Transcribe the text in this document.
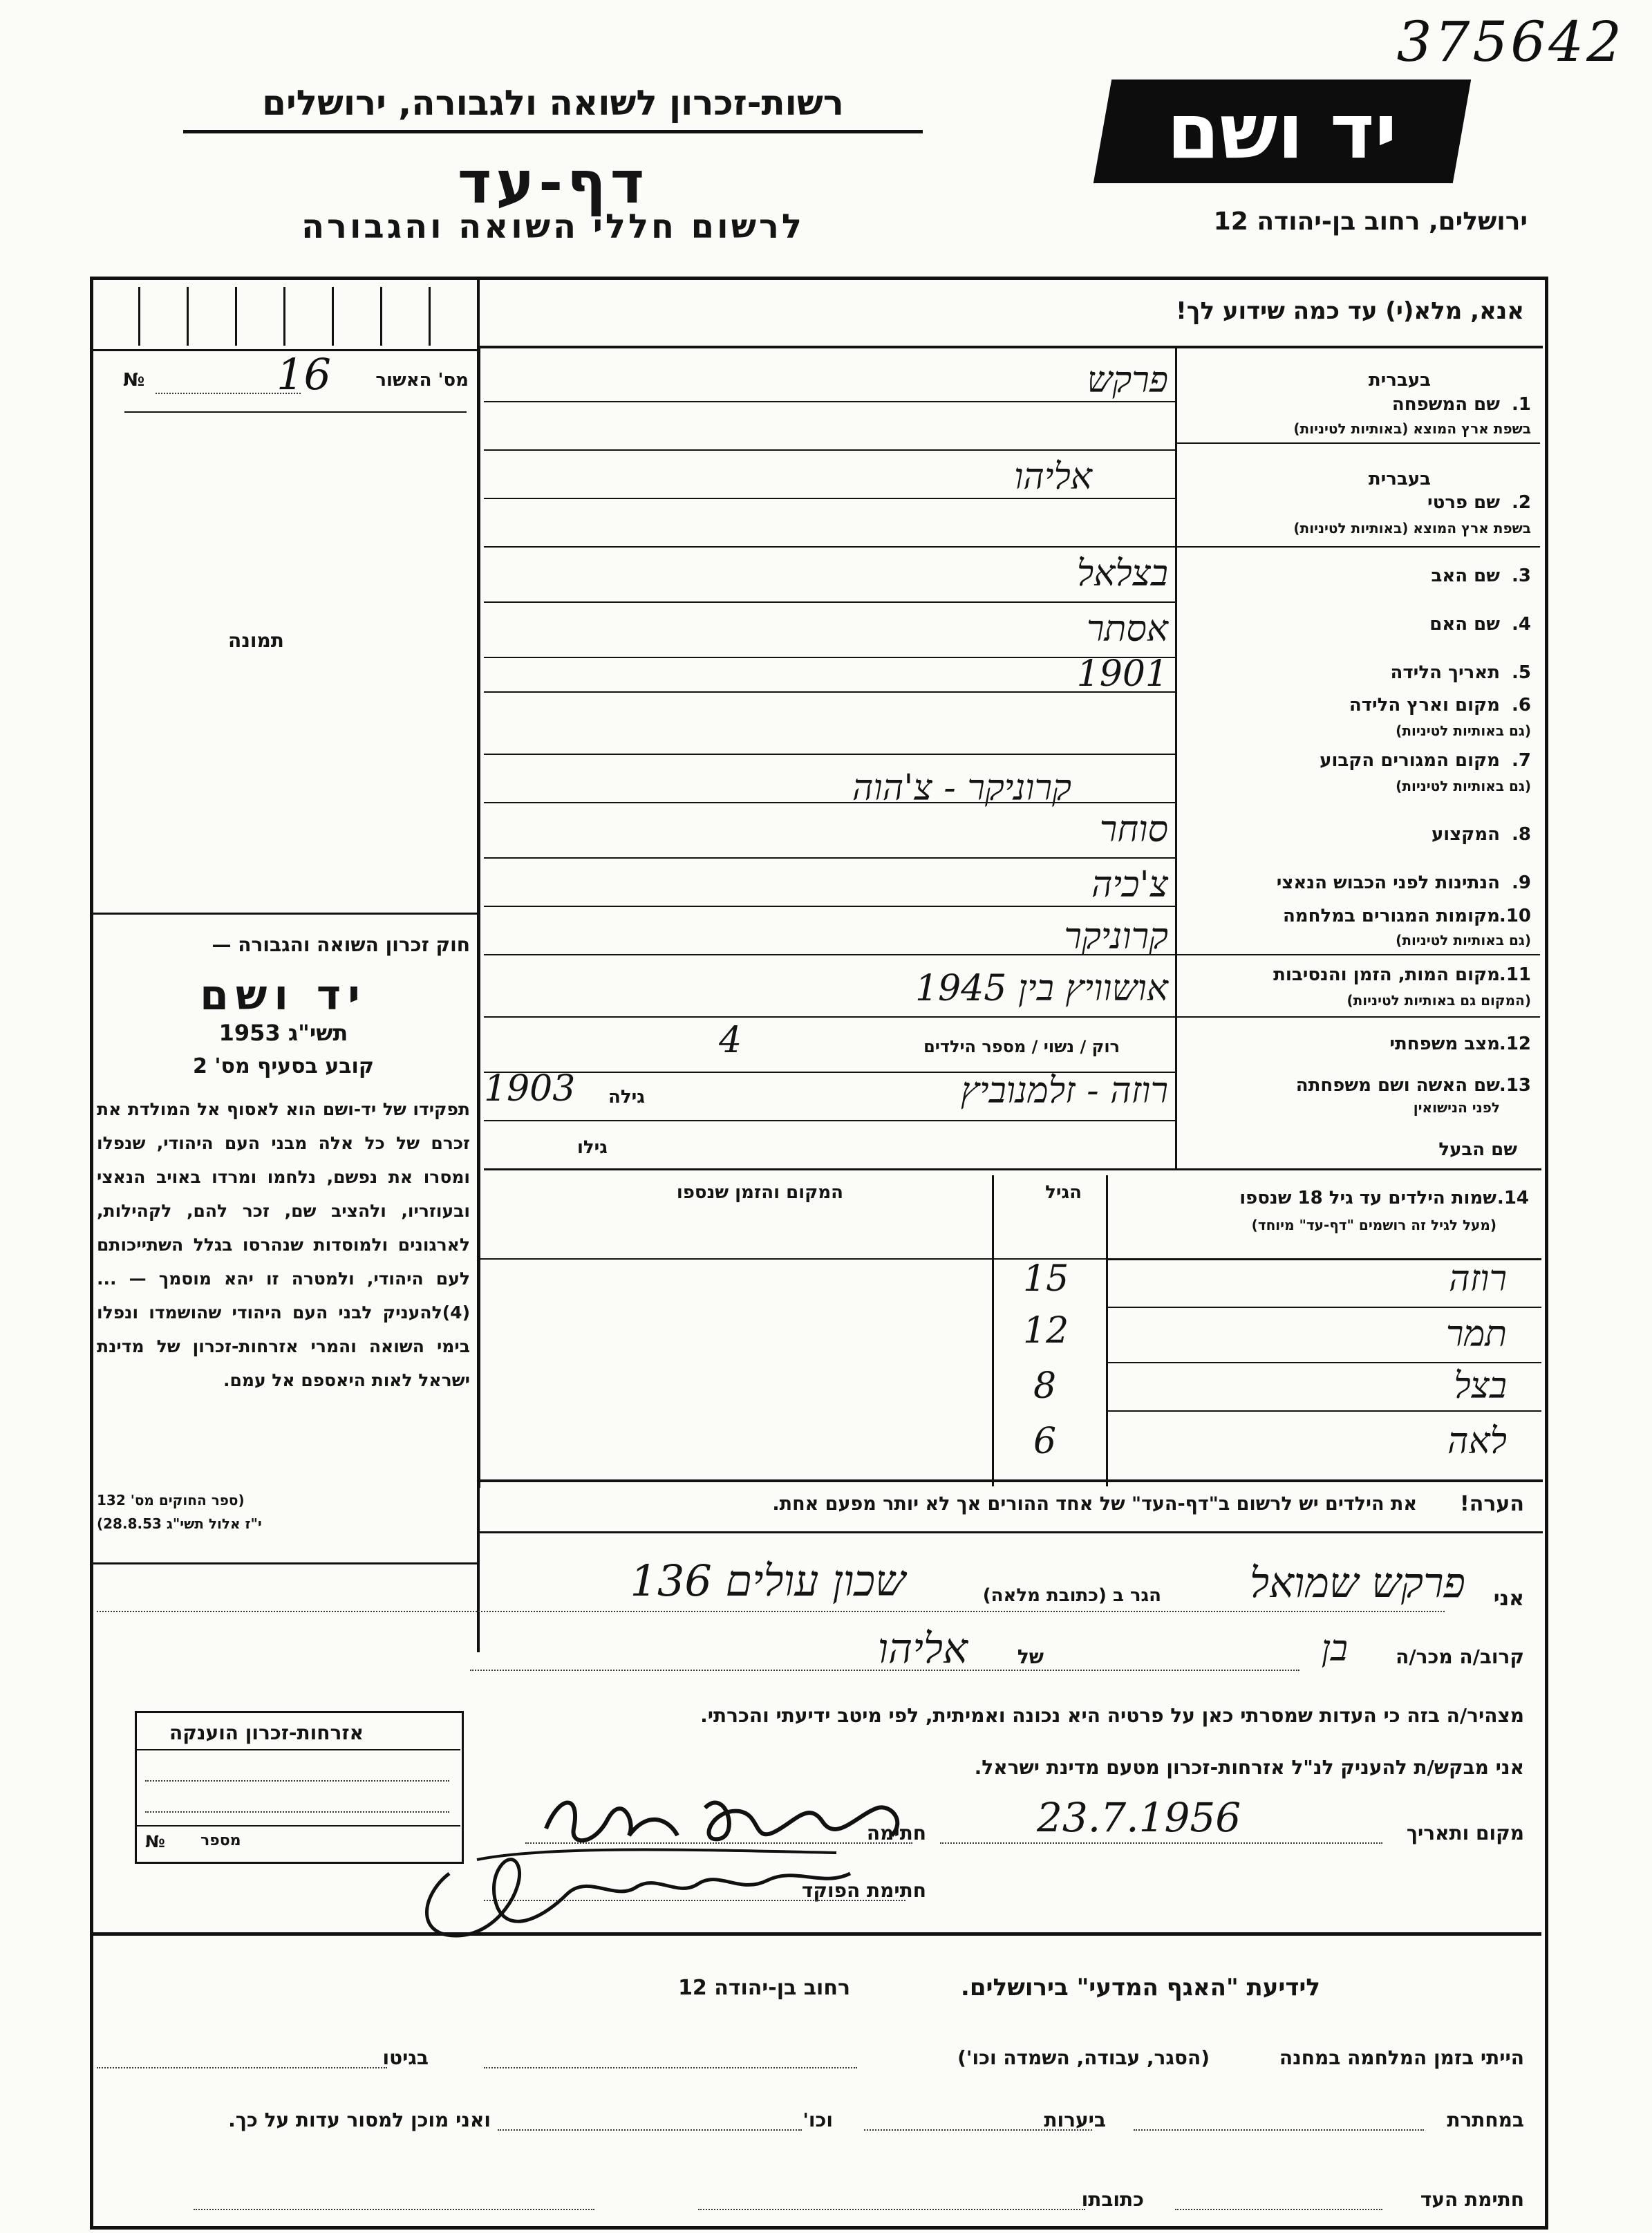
375642
רשות-זכרון לשואה ולגבורה, ירושלים
דף-עד
לרשום חללי השואה והגבורה
יד ושם
ירושלים, רחוב בן-יהודה 12
מס' האשור
№	16
תמונה
חוק זכרון השואה והגבורה —
יד ושם
תשי"ג 1953
קובע בסעיף מס' 2
תפקידו של יד-ושם הוא לאסוף אל המולדת את זכרם של כל אלה מבני העם היהודי, שנפלו ומסרו את נפשם, נלחמו ומרדו באויב הנאצי ובעוזריו, ולהציב שם, זכר להם, לקהילות, לארגונים ולמוסדות שנהרסו בגלל השתייכותם לעם היהודי, ולמטרה זו יהא מוסמך — ...(4)להעניק לבני העם היהודי שהושמדו ונפלו בימי השואה והמרי אזרחות-זכרון של מדינת ישראל לאות היאספם אל עמם.
(ספר החוקים מס' 132
י"ז אלול תשי"ג 28.8.53)
אנא, מלא(י) עד כמה שידוע לך!
בעברית
1.
שם המשפחה
בשפת ארץ המוצא (באותיות לטיניות)
פרקש
בעברית
2.
שם פרטי
בשפת ארץ המוצא (באותיות לטיניות)
אליהו
3.
שם האב
בצלאל
4.
שם האם
אסתר
5.
תאריך הלידה
1901
6.
מקום וארץ הלידה
(גם באותיות לטיניות)
7.
מקום המגורים הקבוע
(גם באותיות לטיניות)
קרוניקר - צ'הוה
8.
המקצוע
סוחר
9.
הנתינות לפני הכבוש הנאצי
צ'כיה
10.
מקומות המגורים במלחמה
(גם באותיות לטיניות)
קרוניקר
11.
מקום המות, הזמן והנסיבות
(המקום גם באותיות לטיניות)
אושוויץ בין 1945
12.
מצב משפחתי
רוק / נשוי / מספר הילדים
4
13.
שם האשה ושם משפחתה
לפני הנישואין
גילה
1903	רוזה - זלמנוביץ
שם הבעל
גילו
14.
שמות הילדים עד גיל 18 שנספו
(מעל לגיל זה רושמים "דף-עד" מיוחד)
הגיל
המקום והזמן שנספו
רוזה
15
תמר
12
בצל
8
לאה
6
הערה!
את הילדים יש לרשום ב"דף-העד" של אחד ההורים אך לא יותר מפעם אחת.
אני
פרקש שמואל
הגר ב (כתובת מלאה)
שכון עולים 136
קרוב/ה מכר/ה
בן
של
אליהו
מצהיר/ה בזה כי העדות שמסרתי כאן על פרטיה היא נכונה ואמיתית, לפי מיטב ידיעתי והכרתי.
אני מבקש/ת להעניק לנ"ל אזרחות-זכרון מטעם מדינת ישראל.
מקום ותאריך
23.7.1956
חתימה
חתימת הפוקד
אזרחות-זכרון הוענקה
№ מספר
לידיעת "האגף המדעי" בירושלים.
רחוב בן-יהודה 12
הייתי בזמן המלחמה במחנה
(הסגר, עבודה, השמדה וכו')
בגיטו
במחתרת
ביערות
וכו'
ואני מוכן למסור עדות על כך.
חתימת העד
כתובתו
